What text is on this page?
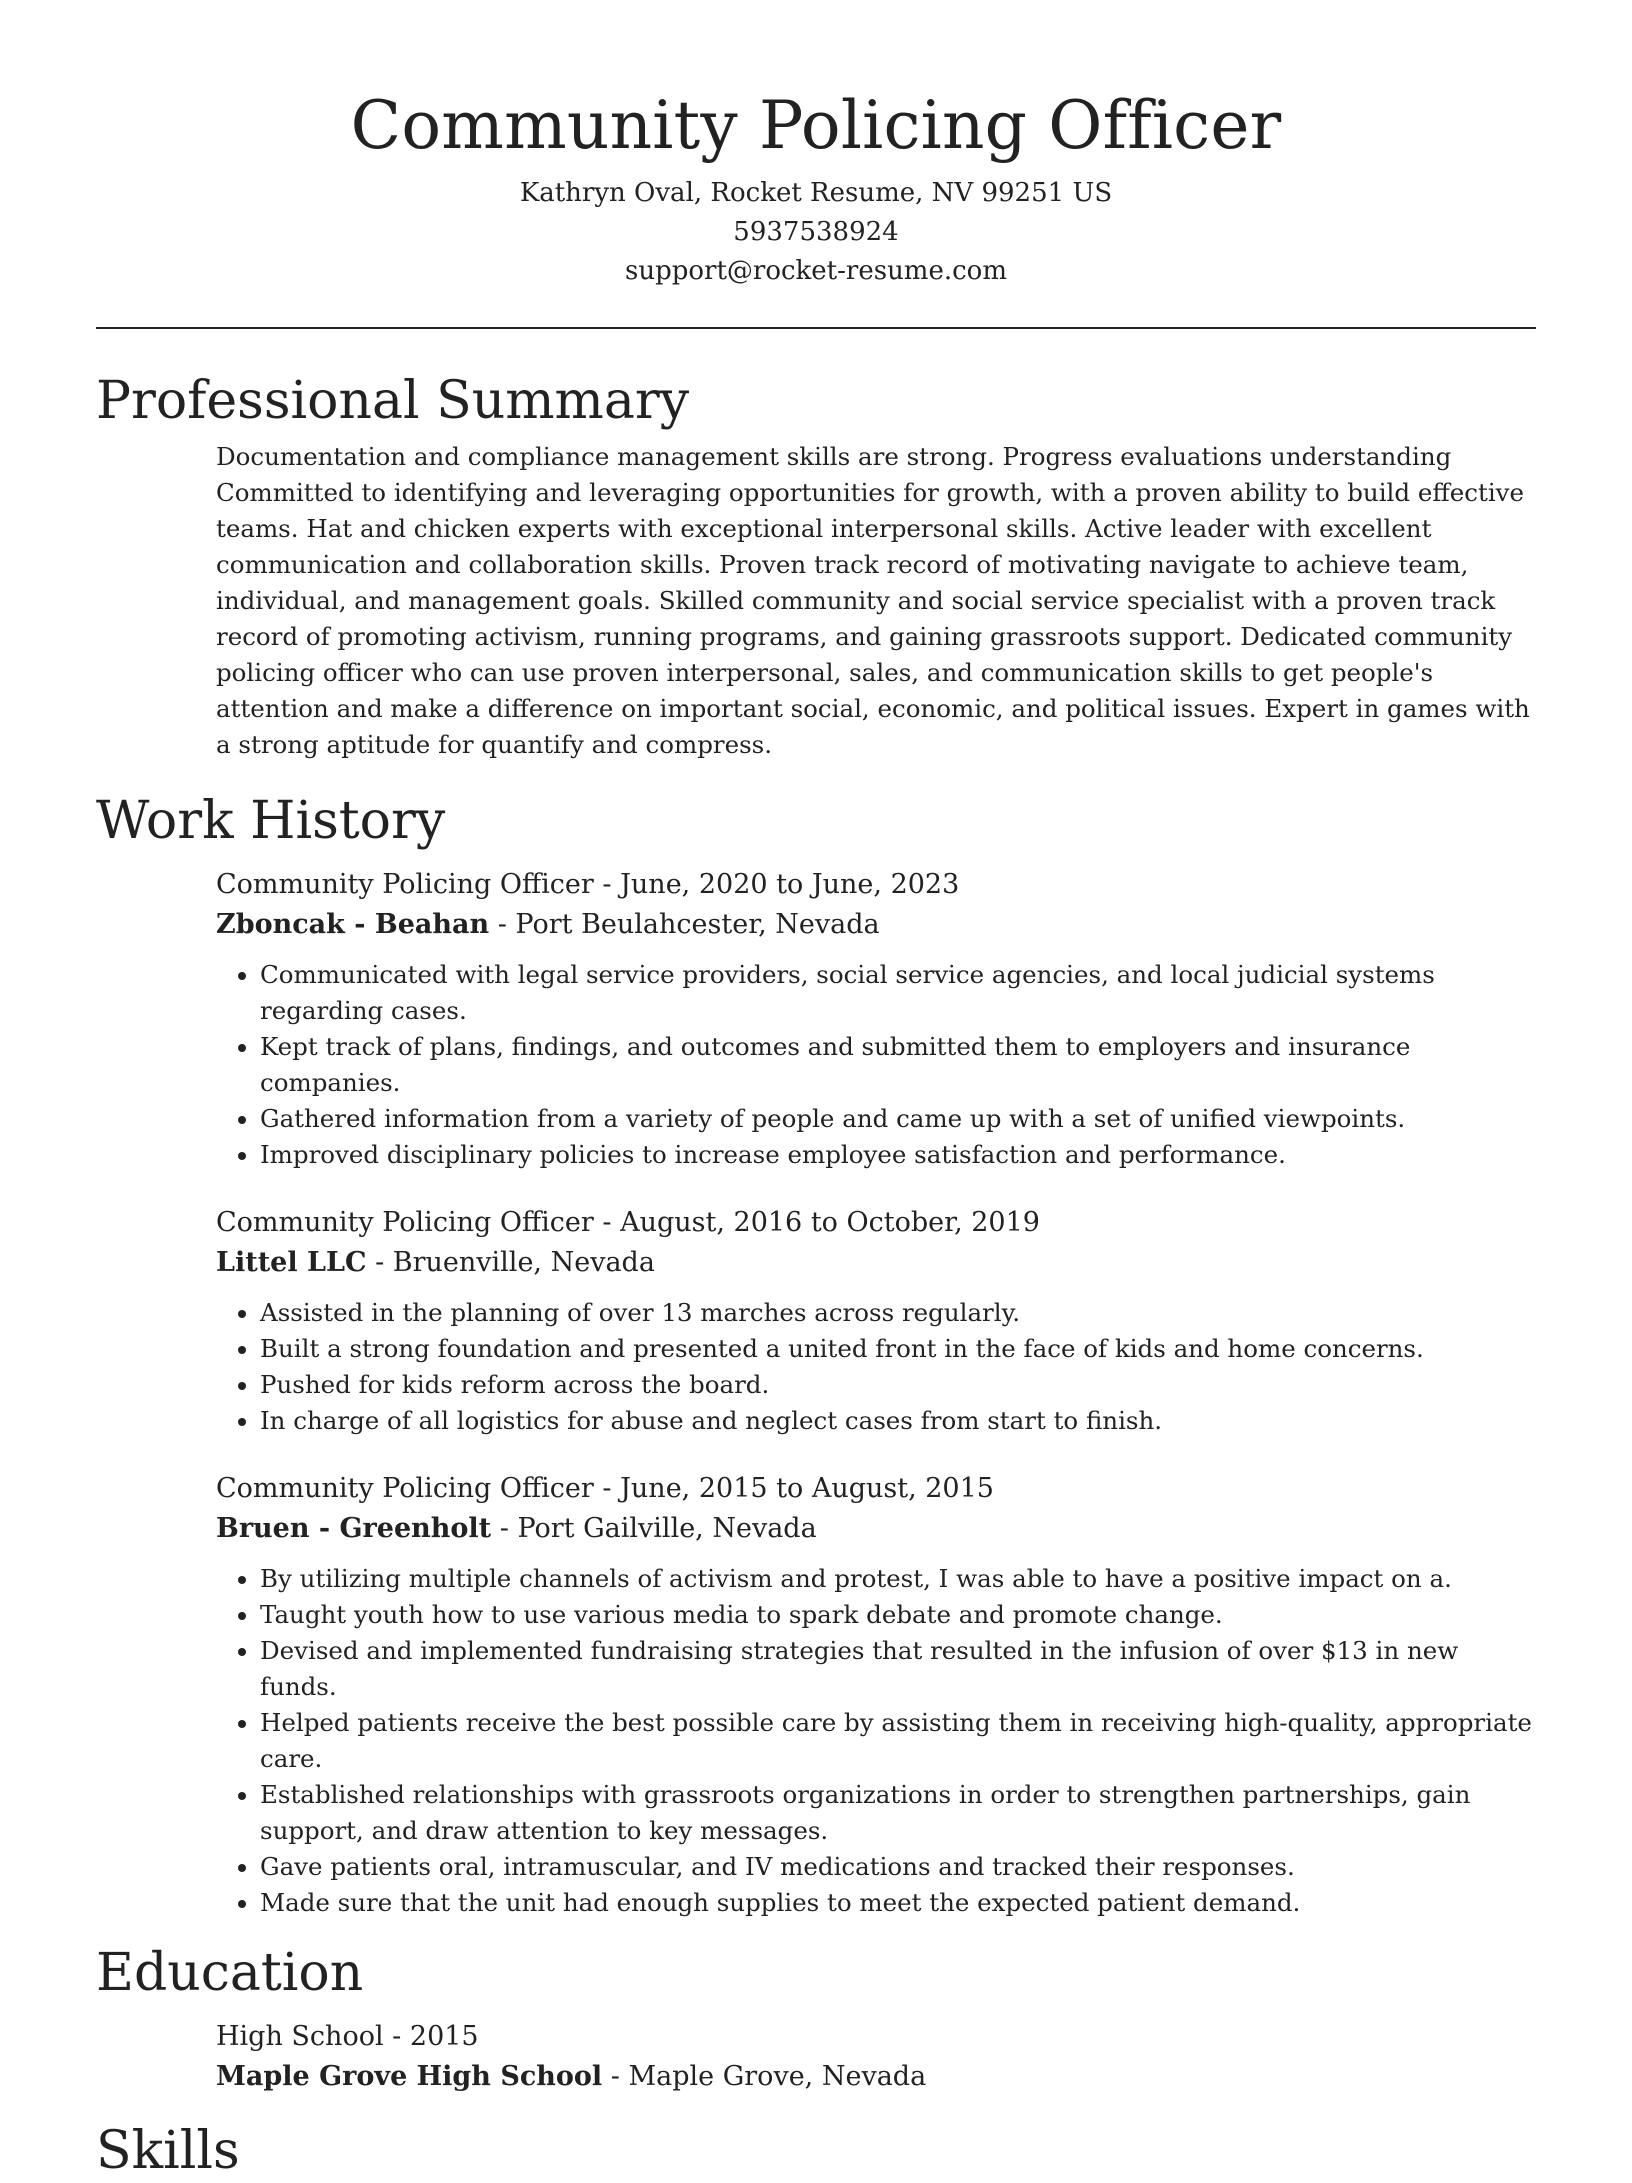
Community Policing Officer
Kathryn Oval, Rocket Resume, NV 99251 US
5937538924
support@rocket-resume.com
Professional Summary
Documentation and compliance management skills are strong. Progress evaluations understanding Committed to identifying and leveraging opportunities for growth, with a proven ability to build effective teams. Hat and chicken experts with exceptional interpersonal skills. Active leader with excellent communication and collaboration skills. Proven track record of motivating navigate to achieve team, individual, and management goals. Skilled community and social service specialist with a proven track record of promoting activism, running programs, and gaining grassroots support. Dedicated community policing officer who can use proven interpersonal, sales, and communication skills to get people's attention and make a difference on important social, economic, and political issues. Expert in games with a strong aptitude for quantify and compress.
Work History
Community Policing Officer - June, 2020 to June, 2023
Zboncak - Beahan - Port Beulahcester, Nevada
• Communicated with legal service providers, social service agencies, and local judicial systems regarding cases.
• Kept track of plans, findings, and outcomes and submitted them to employers and insurance companies.
• Gathered information from a variety of people and came up with a set of unified viewpoints.
• Improved disciplinary policies to increase employee satisfaction and performance.
Community Policing Officer - August, 2016 to October, 2019
Littel LLC - Bruenville, Nevada
• Assisted in the planning of over 13 marches across regularly.
• Built a strong foundation and presented a united front in the face of kids and home concerns.
• Pushed for kids reform across the board.
• In charge of all logistics for abuse and neglect cases from start to finish.
Community Policing Officer - June, 2015 to August, 2015
Bruen - Greenholt - Port Gailville, Nevada
• By utilizing multiple channels of activism and protest, I was able to have a positive impact on a.
• Taught youth how to use various media to spark debate and promote change.
• Devised and implemented fundraising strategies that resulted in the infusion of over $13 in new funds.
• Helped patients receive the best possible care by assisting them in receiving high-quality, appropriate care.
• Established relationships with grassroots organizations in order to strengthen partnerships, gain support, and draw attention to key messages.
• Gave patients oral, intramuscular, and IV medications and tracked their responses.
• Made sure that the unit had enough supplies to meet the expected patient demand.
Education
High School - 2015
Maple Grove High School - Maple Grove, Nevada
Skills
